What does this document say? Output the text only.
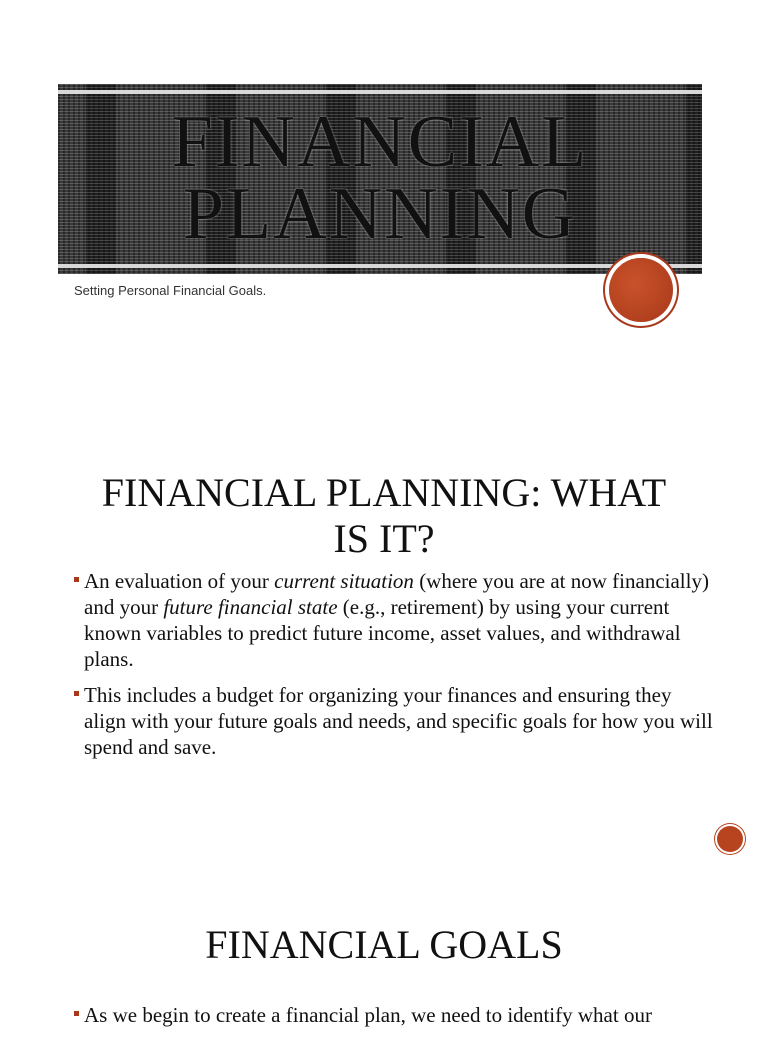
FINANCIAL PLANNING
Setting Personal Financial Goals.
FINANCIAL PLANNING: WHAT
IS IT?
An evaluation of your current situation (where you are at now financially) and your future financial state (e.g., retirement) by using your current known variables to predict future income, asset values, and withdrawal plans.
This includes a budget for organizing your finances and ensuring they align with your future goals and needs, and specific goals for how you will spend and save.
FINANCIAL GOALS
As we begin to create a financial plan, we need to identify what our
